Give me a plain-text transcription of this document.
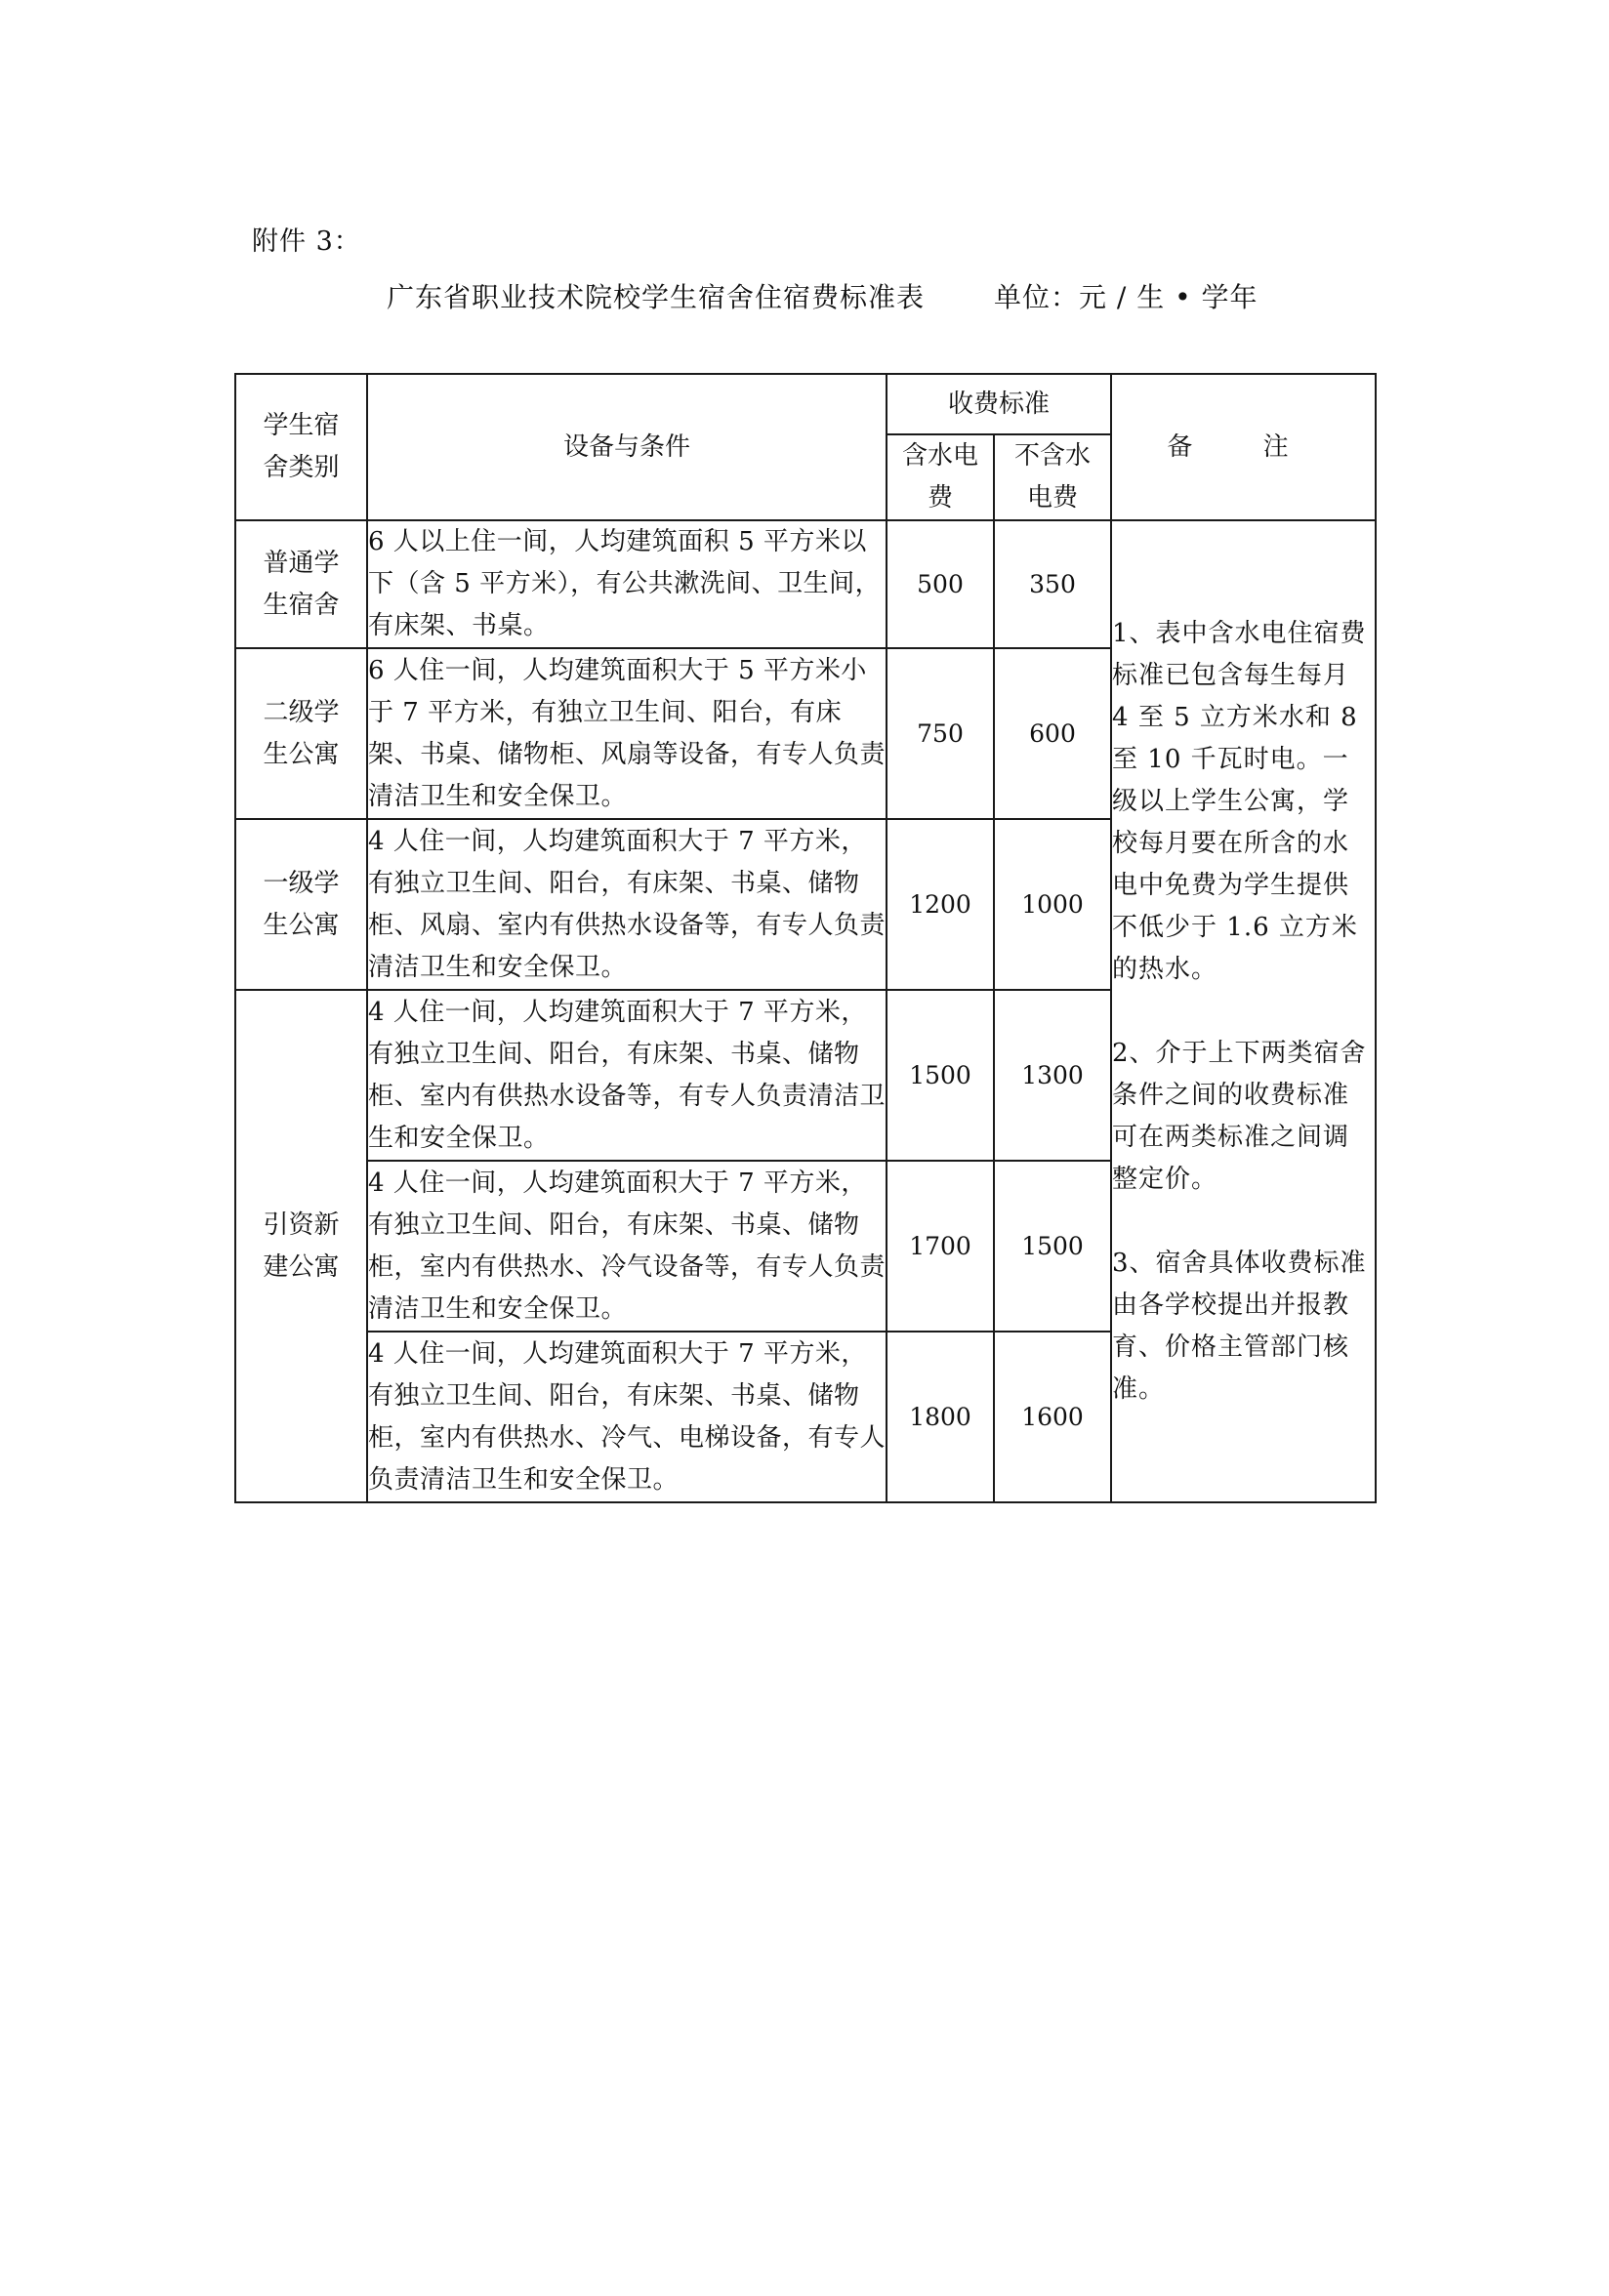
附件 3：
广东省职业技术院校学生宿舍住宿费标准表	单位：元 / 生 • 学年
学生宿舍类别	设备与条件	收费标准		备 注
		含水电费	不含水电费	
普通学生宿舍	6 人以上住一间，人均建筑面积 5 平方米以下（含 5 平方米），有公共漱洗间、卫生间，有床架、书桌。	500	350	1、表中含水电住宿费标准已包含每生每月 4 至 5 立方米水和 8 至 10 千瓦时电。一级以上学生公寓，学校每月要在所含的水电中免费为学生提供不低少于 1.6 立方米的热水。
2、介于上下两类宿舍条件之间的收费标准可在两类标准之间调整定价。
3、宿舍具体收费标准由各学校提出并报教育、价格主管部门核准。

二级学生公寓	6 人住一间，人均建筑面积大于 5 平方米小于 7 平方米，有独立卫生间、阳台，有床架、书桌、储物柜、风扇等设备，有专人负责清洁卫生和安全保卫。	750	600	
一级学生公寓	4 人住一间，人均建筑面积大于 7 平方米，有独立卫生间、阳台，有床架、书桌、储物柜、风扇、室内有供热水设备等，有专人负责清洁卫生和安全保卫。	1200	1000	
引资新建公寓	4 人住一间，人均建筑面积大于 7 平方米，有独立卫生间、阳台，有床架、书桌、储物柜、室内有供热水设备等，有专人负责清洁卫生和安全保卫。	1500	1300	
	4 人住一间，人均建筑面积大于 7 平方米，有独立卫生间、阳台，有床架、书桌、储物柜，室内有供热水、冷气设备等，有专人负责清洁卫生和安全保卫。	1700	1500	
	4 人住一间，人均建筑面积大于 7 平方米，有独立卫生间、阳台，有床架、书桌、储物柜，室内有供热水、冷气、电梯设备，有专人负责清洁卫生和安全保卫。	1800	1600	
